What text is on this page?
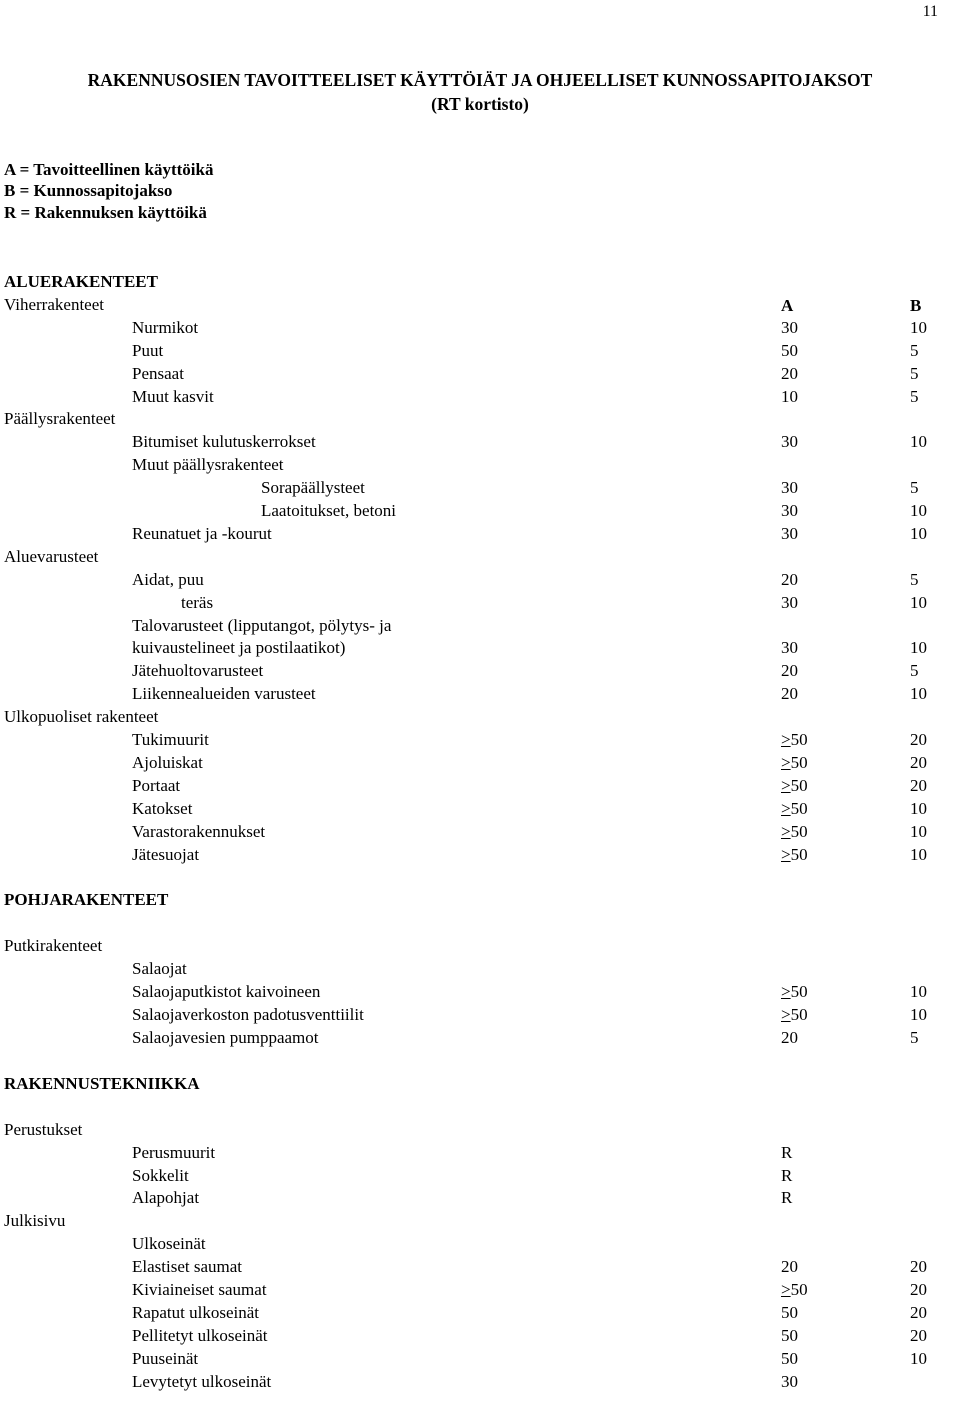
11
RAKENNUSOSIEN TAVOITTEELISET KÄYTTÖIÄT JA OHJEELLISET KUNNOSSAPITOJAKSOT
(RT kortisto)
A = Tavoitteellinen käyttöikä
B = Kunnossapitojakso
R = Rakennuksen käyttöikä
A	B
ALUERAKENTEET
Viherrakenteet
Nurmikot	30	10
Puut	50	5
Pensaat	20	5
Muut kasvit	10	5
Päällysrakenteet
Bitumiset kulutuskerrokset	30	10
Muut päällysrakenteet
Sorapäällysteet	30	5
Laatoitukset, betoni	30	10
Reunatuet ja -kourut	30	10
Aluevarusteet
Aidat, puu	20	5
teräs	30	10
Talovarusteet (lipputangot, pölytys- ja
kuivaustelineet ja postilaatikot)	30	10
Jätehuoltovarusteet	20	5
Liikennealueiden varusteet	20	10
Ulkopuoliset rakenteet
Tukimuurit	>50	20
Ajoluiskat	>50	20
Portaat	>50	20
Katokset	>50	10
Varastorakennukset	>50	10
Jätesuojat	>50	10
POHJARAKENTEET
Putkirakenteet
Salaojat
Salaojaputkistot kaivoineen	>50	10
Salaojaverkoston padotusventtiilit	>50	10
Salaojavesien pumppaamot	20	5
RAKENNUSTEKNIIKKA
Perustukset
Perusmuurit	R
Sokkelit	R
Alapohjat	R
Julkisivu
Ulkoseinät
Elastiset saumat	20	20
Kiviaineiset saumat	>50	20
Rapatut ulkoseinät	50	20
Pellitetyt ulkoseinät	50	20
Puuseinät	50	10
Levytetyt ulkoseinät	30
